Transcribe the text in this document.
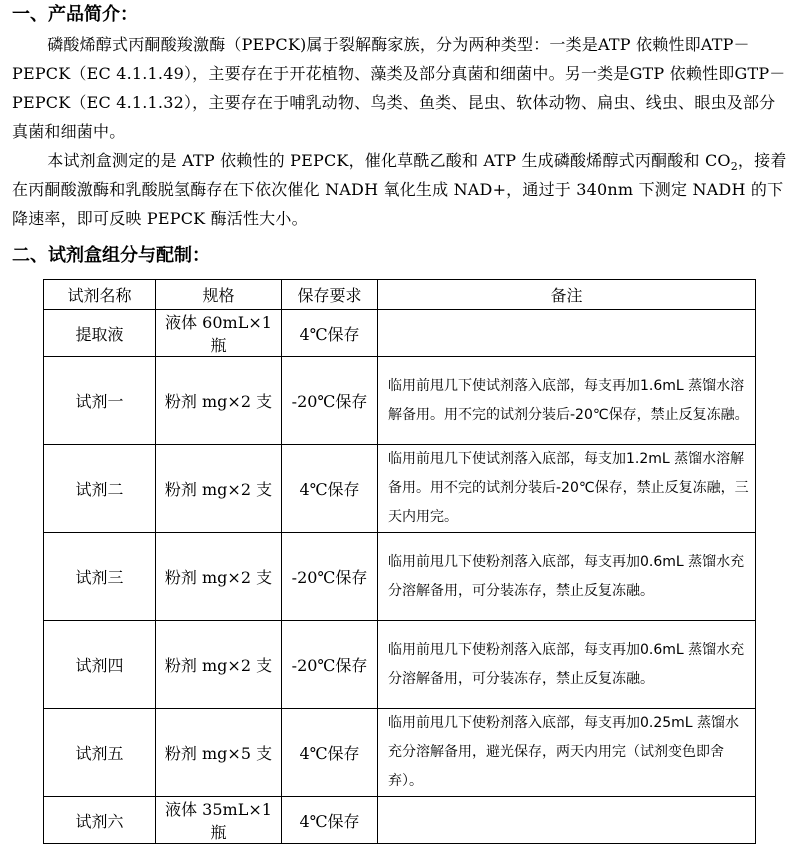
一、产品简介：
磷酸烯醇式丙酮酸羧激酶（PEPCK)属于裂解酶家族，分为两种类型：一类是ATP 依赖性即ATP－PEPCK（EC 4.1.1.49），主要存在于开花植物、藻类及部分真菌和细菌中。另一类是GTP 依赖性即GTP－PEPCK（EC 4.1.1.32），主要存在于哺乳动物、鸟类、鱼类、昆虫、软体动物、扁虫、线虫、眼虫及部分真菌和细菌中。
本试剂盒测定的是 ATP 依赖性的 PEPCK，催化草酰乙酸和 ATP 生成磷酸烯醇式丙酮酸和 $CO_2$，接着在丙酮酸激酶和乳酸脱氢酶存在下依次催化 NADH 氧化生成 NAD+，通过于 340nm 下测定 NADH 的下降速率，即可反映 PEPCK 酶活性大小。
二、试剂盒组分与配制：
试剂名称	规格	保存要求	备注
提取液	液体 60mL×1 瓶	4℃保存	
试剂一	粉剂 mg×2 支	-20℃保存	临用前甩几下使试剂落入底部，每支再加1.6mL 蒸馏水溶解备用。用不完的试剂分装后-20℃保存，禁止反复冻融。
试剂二	粉剂 mg×2 支	4℃保存	临用前甩几下使试剂落入底部，每支加1.2mL 蒸馏水溶解备用。用不完的试剂分装后-20℃保存，禁止反复冻融，三天内用完。
试剂三	粉剂 mg×2 支	-20℃保存	临用前甩几下使粉剂落入底部，每支再加0.6mL 蒸馏水充分溶解备用，可分装冻存，禁止反复冻融。
试剂四	粉剂 mg×2 支	-20℃保存	临用前甩几下使粉剂落入底部，每支再加0.6mL 蒸馏水充分溶解备用，可分装冻存，禁止反复冻融。
试剂五	粉剂 mg×5 支	4℃保存	临用前甩几下使粉剂落入底部，每支再加0.25mL 蒸馏水充分溶解备用，避光保存，两天内用完（试剂变色即舍弃）。
试剂六	液体 35mL×1 瓶	4℃保存	
